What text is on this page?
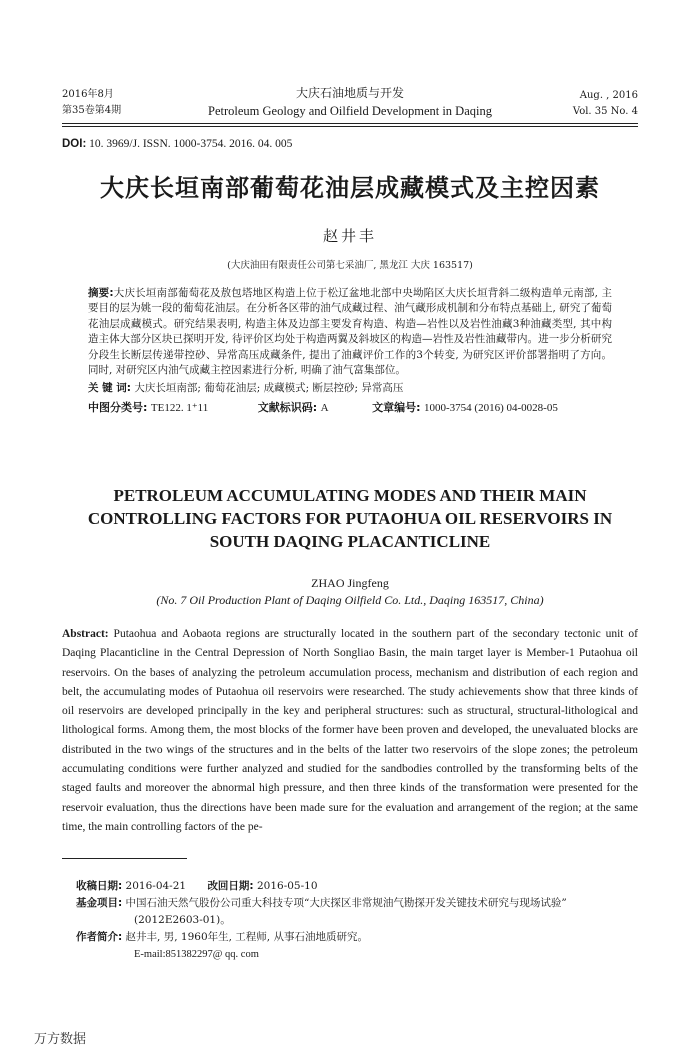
2016年8月
第35卷第4期
大庆石油地质与开发
Petroleum Geology and Oilfield Development in Daqing
Aug. , 2016
Vol. 35 No. 4
DOI: 10. 3969/J. ISSN. 1000-3754. 2016. 04. 005
大庆长垣南部葡萄花油层成藏模式及主控因素
赵井丰
(大庆油田有限责任公司第七采油厂, 黑龙江 大庆 163517)
摘要:大庆长垣南部葡萄花及敖包塔地区构造上位于松辽盆地北部中央坳陷区大庆长垣背斜二级构造单元南部, 主要目的层为姚一段的葡萄花油层。在分析各区带的油气成藏过程、油气藏形成机制和分布特点基础上, 研究了葡萄花油层成藏模式。研究结果表明, 构造主体及边部主要发育构造、构造—岩性以及岩性油藏3种油藏类型, 其中构造主体大部分区块已探明开发, 待评价区均处于构造两翼及斜坡区的构造—岩性及岩性油藏带内。进一步分析研究分段生长断层传递带控砂、异常高压成藏条件, 提出了油藏评价工作的3个转变, 为研究区评价部署指明了方向。同时, 对研究区内油气成藏主控因素进行分析, 明确了油气富集部位。
关 键 词: 大庆长垣南部; 葡萄花油层; 成藏模式; 断层控砂; 异常高压
中图分类号: TE122. 1⁺11	文献标识码: A	文章编号: 1000-3754 (2016) 04-0028-05
PETROLEUM ACCUMULATING MODES AND THEIR MAIN
CONTROLLING FACTORS FOR PUTAOHUA OIL RESERVOIRS IN
SOUTH DAQING PLACANTICLINE
ZHAO Jingfeng
(No. 7 Oil Production Plant of Daqing Oilfield Co. Ltd., Daqing 163517, China)
Abstract: Putaohua and Aobaota regions are structurally located in the southern part of the secondary tectonic unit of Daqing Placanticline in the Central Depression of North Songliao Basin, the main target layer is Member-1 Putaohua oil reservoirs. On the bases of analyzing the petroleum accumulation process, mechanism and distribution of each region and belt, the accumulating modes of Putaohua oil reservoirs were researched. The study achievements show that three kinds of oil reservoirs are developed principally in the key and peripheral structures: such as structural, structural-lithological and lithological forms. Among them, the most blocks of the former have been proven and developed, the unevaluated blocks are distributed in the two wings of the structures and in the belts of the latter two reservoirs of the slope zones; the petroleum accumulating conditions were further analyzed and studied for the sandbodies controlled by the transforming belts of the staged faults and moreover the abnormal high pressure, and then three kinds of the transformation were presented for the reservoir evaluation, thus the directions have been made sure for the evaluation and arrangement of the region; at the same time, the main controlling factors of the pe-
收稿日期: 2016-04-21 改回日期: 2016-05-10
基金项目: 中国石油天然气股份公司重大科技专项“大庆探区非常规油气勘探开发关键技术研究与现场试验”
(2012E2603-01)。
作者简介: 赵井丰, 男, 1960年生, 工程师, 从事石油地质研究。
E-mail:851382297@ qq. com
万方数据
